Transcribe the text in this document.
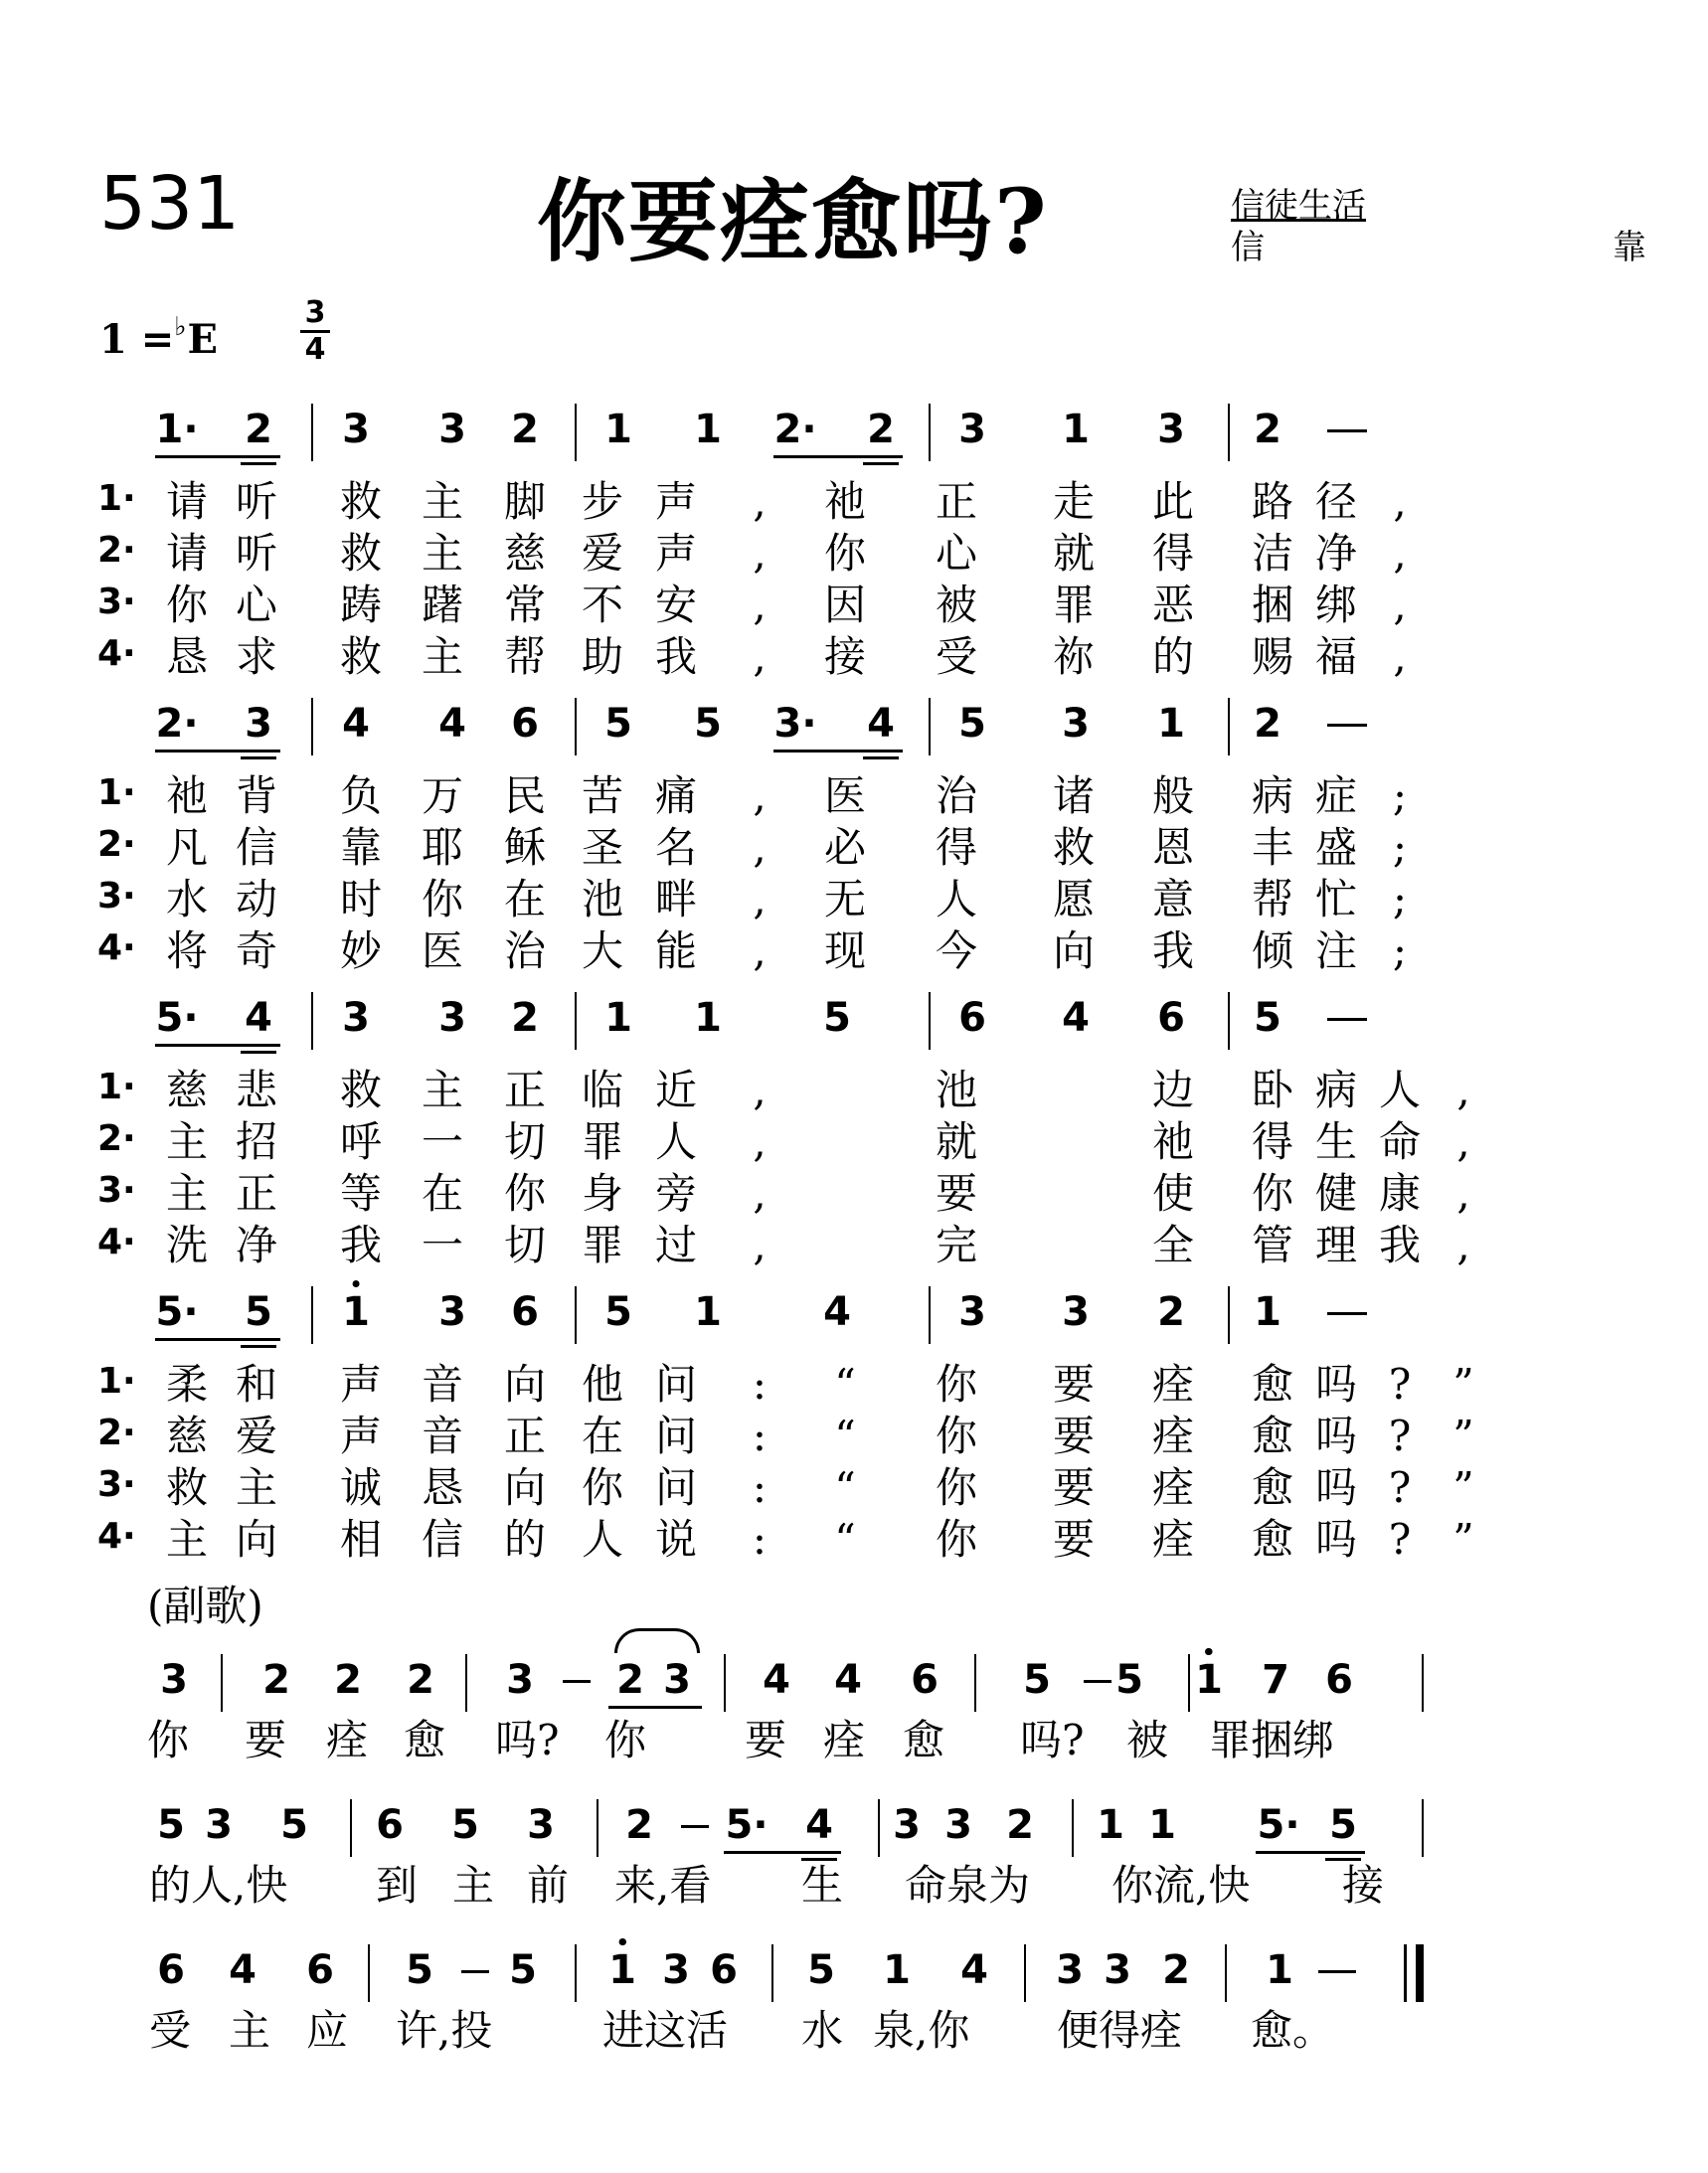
531	你要痊愈吗?	信徒生活
信　　　靠
1 =♭E
3
4
1· 2 3 3 2 1 1 2· 2 3 1 3 2
1· 请 听 救 主 脚 步 声 , 祂 正 走 此 路 径 ,
2· 请 听 救 主 慈 爱 声 , 你 心 就 得 洁 净 ,
3· 你 心 踌 躇 常 不 安 , 因 被 罪 恶 捆 绑 ,
4· 恳 求 救 主 帮 助 我 , 接 受 祢 的 赐 福 ,
2· 3 4 4 6 5 5 3· 4 5 3 1 2
1· 祂 背 负 万 民 苦 痛 , 医 治 诸 般 病 症 ;
2· 凡 信 靠 耶 稣 圣 名 , 必 得 救 恩 丰 盛 ;
3· 水 动 时 你 在 池 畔 , 无 人 愿 意 帮 忙 ;
4· 将 奇 妙 医 治 大 能 , 现 今 向 我 倾 注 ;
5· 4 3 3 2 1 1	5	6 4 6 5
1· 慈 悲 救 主 正 临 近 ,	池	边 卧 病 人 ,
2· 主 招 呼 一 切 罪 人 ,	就	祂 得 生 命 ,
3· 主 正 等 在 你 身 旁 ,	要	使 你 健 康 ,
4· 洗 净 我 一 切 罪 过 ,	完	全 管 理 我 ,
5· 5 1 3 6 5 1	4	3 3 2 1
1· 柔 和 声 音 向 他 问 : “ 你 要 痊 愈 吗 ? ”
2· 慈 爱 声 音 正 在 问 : “ 你 要 痊 愈 吗 ? ”
3· 救 主 诚 恳 向 你 问 : “ 你 要 痊 愈 吗 ? ”
4· 主 向 相 信 的 人 说 : “ 你 要 痊 愈 吗 ? ”
(副歌)
3 2 2 2 3 2 3 4 4 6 5 5 1 7 6
你 要 痊 愈 吗? 你 要 痊 愈 吗? 被 罪捆绑
5 3 5 6 5 3 2 5· 4 3 3 2 1 1 5· 5
的人,快 到 主 前 来,看 生 命泉为 你流,快 接
6 4 6 5 5 1 3 6 5 1 4 3 3 2 1
受 主 应 许,投	进这活 水 泉,你 便得痊 愈。
